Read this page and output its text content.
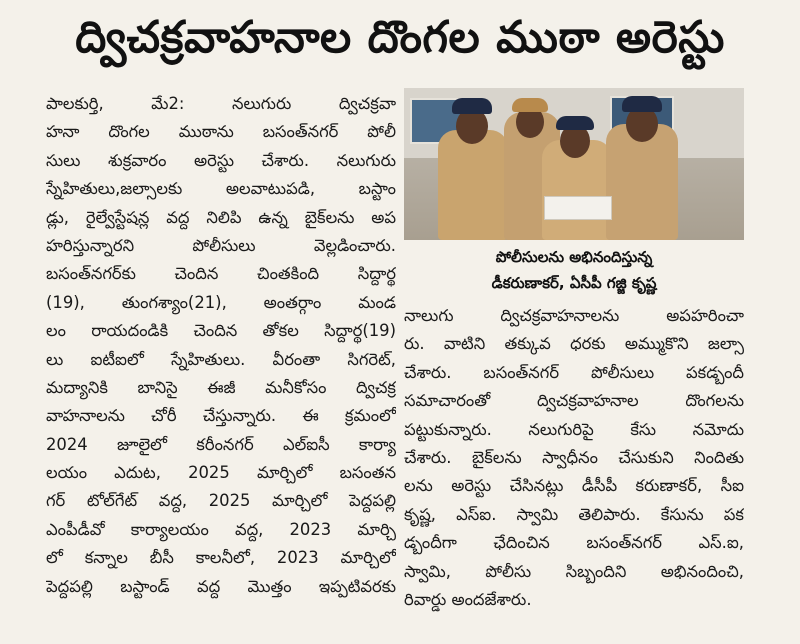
ద్విచక్రవాహనాల దొంగల ముఠా అరెస్టు
పాలకుర్తి, మే2: నలుగురు ద్విచక్రవా
హనా దొంగల ముఠాను బసంత్‌నగర్ పోలీ
సులు శుక్రవారం అరెస్టు చేశారు. నలుగురు
స్నేహితులు,జల్సాలకు అలవాటుపడి, బస్టాం
డ్లు, రైల్వేస్టేషన్ల వద్ద నిలిపి ఉన్న బైక్‌లను అప
హరిస్తున్నారని పోలీసులు వెల్లడించారు.
బసంత్‌నగర్‌కు చెందిన చింతకింది సిద్దార్థ
(19), తుంగశ్యాం(21), అంతర్గాం మండ
లం రాయదండికి చెందిన తోకల సిద్దార్థ(19)
లు ఐటీఐలో స్నేహితులు. వీరంతా సిగరెట్,
మద్యానికి బానిసై ఈజీ మనీకోసం ద్విచక్ర
వాహనాలను చోరీ చేస్తున్నారు. ఈ క్రమంలో
2024 జూలైలో కరీంనగర్ ఎల్ఐసీ కార్యా
లయం ఎదుట, 2025 మార్చిలో బసంతన
గర్ టోల్‌గేట్ వద్ద, 2025 మార్చిలో పెద్దపల్లి
ఎంపీడీవో కార్యాలయం వద్ద, 2023 మార్చి
లో కన్నాల బీసీ కాలనీలో, 2023 మార్చిలో
పెద్దపల్లి బస్టాండ్ వద్ద మొత్తం ఇప్పటివరకు
పోలీసులను అభినందిస్తున్న
డీకరుణాకర్, ఏసీపీ గజ్జి కృష్ణ
నాలుగు ద్విచక్రవాహనాలను అపహరించా
రు. వాటిని తక్కువ ధరకు అమ్ముకొని జల్సా
చేశారు. బసంత్‌నగర్ పోలీసులు పకడ్బందీ
సమాచారంతో ద్విచక్రవాహనాల దొంగలను
పట్టుకున్నారు. నలుగురిపై కేసు నమోదు
చేశారు. బైక్‌లను స్వాధీనం చేసుకుని నిందితు
లను అరెస్టు చేసినట్లు డీసీపీ కరుణాకర్, సీఐ
కృష్ణ, ఎస్ఐ. స్వామి తెలిపారు. కేసును పక
డ్బందీగా ఛేదించిన బసంత్‌నగర్ ఎస్.ఐ,
స్వామి, పోలీసు సిబ్బందిని అభినందించి,
రివార్డు అందజేశారు.
